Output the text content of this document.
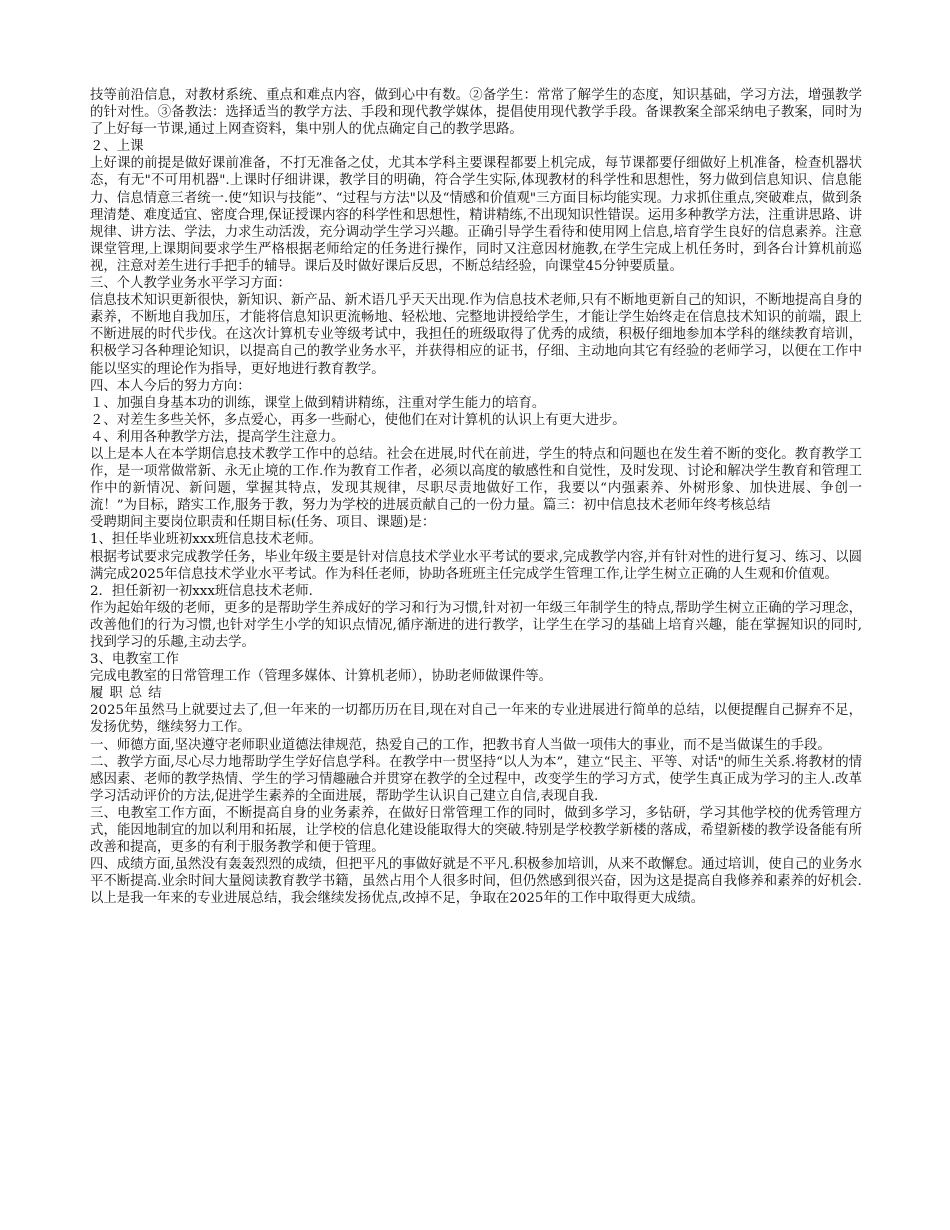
技等前沿信息，对教材系统、重点和难点内容，做到心中有数。②备学生：常常了解学生的态度，知识基础，学习方法，增强教学的针对性。③备教法：选择适当的教学方法、手段和现代教学媒体，提倡使用现代教学手段。备课教案全部采纳电子教案，同时为了上好每一节课,通过上网查资料，集中别人的优点确定自己的教学思路。

２、上课

上好课的前提是做好课前准备，不打无准备之仗，尤其本学科主要课程都要上机完成，每节课都要仔细做好上机准备，检查机器状态，有无"不可用机器".上课时仔细讲课，教学目的明确，符合学生实际,体现教材的科学性和思想性，努力做到信息知识、信息能力、信息情意三者统一.使“知识与技能”、“过程与方法"以及“情感和价值观"三方面目标均能实现。力求抓住重点,突破难点，做到条理清楚、难度适宜、密度合理,保证授课内容的科学性和思想性，精讲精练,不出现知识性错误。运用多种教学方法，注重讲思路、讲规律、讲方法、学法，力求生动活泼，充分调动学生学习兴趣。正确引导学生看待和使用网上信息,培育学生良好的信息素养。注意课堂管理,上课期间要求学生严格根据老师给定的任务进行操作，同时又注意因材施教,在学生完成上机任务时，到各台计算机前巡视，注意对差生进行手把手的辅导。课后及时做好课后反思，不断总结经验，向课堂45分钟要质量。

三、个人教学业务水平学习方面：

信息技术知识更新很快，新知识、新产品、新术语几乎天天出现.作为信息技术老师,只有不断地更新自己的知识，不断地提高自身的素养，不断地自我加压，才能将信息知识更流畅地、轻松地、完整地讲授给学生，才能让学生始终走在信息技术知识的前端，跟上不断进展的时代步伐。在这次计算机专业等级考试中，我担任的班级取得了优秀的成绩，积极仔细地参加本学科的继续教育培训，积极学习各种理论知识，以提高自己的教学业务水平，并获得相应的证书，仔细、主动地向其它有经验的老师学习，以便在工作中能以坚实的理论作为指导，更好地进行教育教学。

四、本人今后的努力方向：

１、加强自身基本功的训练，课堂上做到精讲精练，注重对学生能力的培育。

２、对差生多些关怀，多点爱心，再多一些耐心，使他们在对计算机的认识上有更大进步。

４、利用各种教学方法，提高学生注意力。

以上是本人在本学期信息技术教学工作中的总结。社会在进展,时代在前进，学生的特点和问题也在发生着不断的变化。教育教学工作，是一项常做常新、永无止境的工作.作为教育工作者，必须以高度的敏感性和自觉性，及时发现、讨论和解决学生教育和管理工作中的新情况、新问题，掌握其特点，发现其规律，尽职尽责地做好工作，我要以“内强素养、外树形象、加快进展、争创一流！”为目标，踏实工作,服务于教，努力为学校的进展贡献自己的一份力量。篇三：初中信息技术老师年终考核总结

受聘期间主要岗位职责和任期目标(任务、项目、课题)是：

1、担任毕业班初xxx班信息技术老师。

根据考试要求完成教学任务，毕业年级主要是针对信息技术学业水平考试的要求,完成教学内容,并有针对性的进行复习、练习、以圆满完成2025年信息技术学业水平考试。作为科任老师，协助各班班主任完成学生管理工作,让学生树立正确的人生观和价值观。

2．担任新初一初xxx班信息技术老师.

作为起始年级的老师，更多的是帮助学生养成好的学习和行为习惯,针对初一年级三年制学生的特点,帮助学生树立正确的学习理念，改善他们的行为习惯,也针对学生小学的知识点情况,循序渐进的进行教学，让学生在学习的基础上培育兴趣，能在掌握知识的同时,找到学习的乐趣,主动去学。

3、电教室工作

完成电教室的日常管理工作（管理多媒体、计算机老师），协助老师做课件等。

履职总结

2025年虽然马上就要过去了,但一年来的一切都历历在目,现在对自己一年来的专业进展进行简单的总结，以便提醒自己摒弃不足，发扬优势，继续努力工作。

一、师德方面,坚决遵守老师职业道德法律规范，热爱自己的工作，把教书育人当做一项伟大的事业，而不是当做谋生的手段。

二、教学方面,尽心尽力地帮助学生学好信息学科。在教学中一贯坚持“以人为本”，建立“民主、平等、对话"的师生关系.将教材的情感因素、老师的教学热情、学生的学习情趣融合并贯穿在教学的全过程中，改变学生的学习方式，使学生真正成为学习的主人.改革学习活动评价的方法,促进学生素养的全面进展，帮助学生认识自己建立自信,表现自我.

三、电教室工作方面，不断提高自身的业务素养，在做好日常管理工作的同时，做到多学习，多钻研，学习其他学校的优秀管理方式，能因地制宜的加以利用和拓展，让学校的信息化建设能取得大的突破.特别是学校教学新楼的落成，希望新楼的教学设备能有所改善和提高，更多的有利于服务教学和便于管理。

四、成绩方面,虽然没有轰轰烈烈的成绩，但把平凡的事做好就是不平凡.积极参加培训，从来不敢懈怠。通过培训，使自己的业务水平不断提高.业余时间大量阅读教育教学书籍，虽然占用个人很多时间，但仍然感到很兴奋，因为这是提高自我修养和素养的好机会.

以上是我一年来的专业进展总结，我会继续发扬优点,改掉不足，争取在2025年的工作中取得更大成绩。
